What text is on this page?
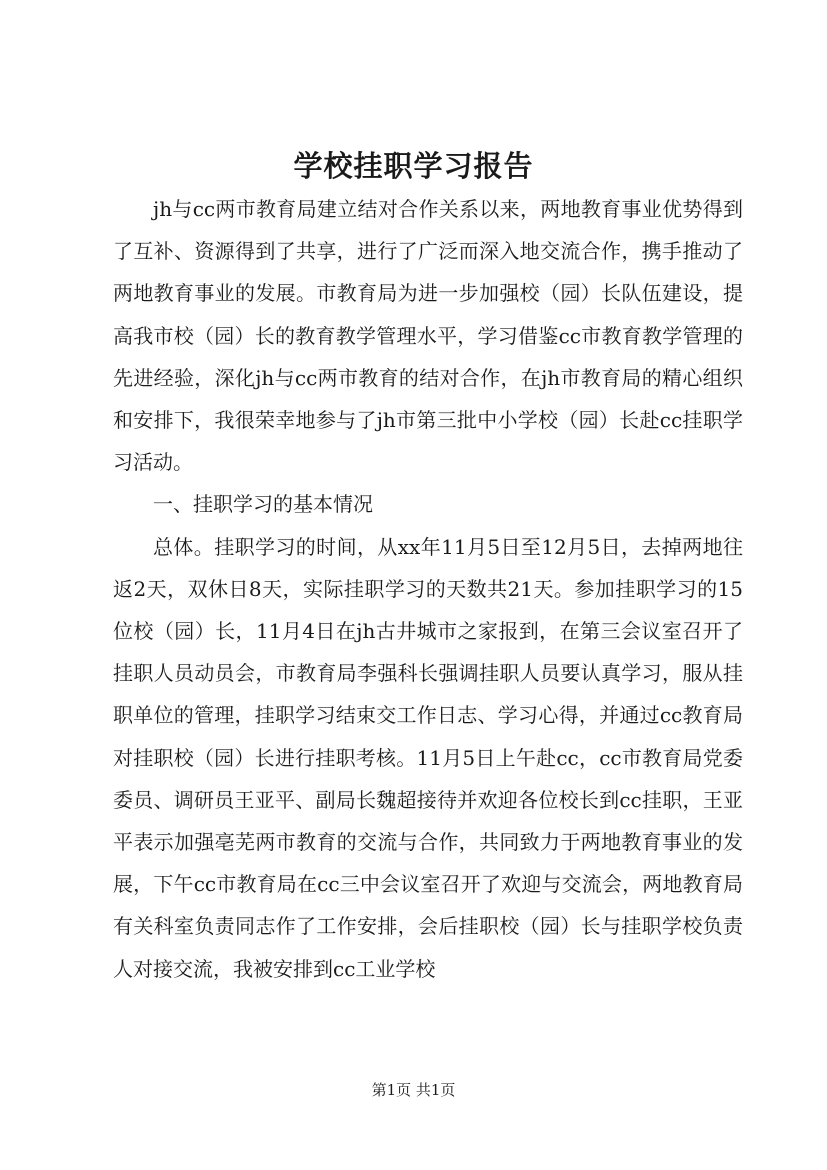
学校挂职学习报告

jh与cc两市教育局建立结对合作关系以来，两地教育事业优势得到了互补、资源得到了共享，进行了广泛而深入地交流合作，携手推动了两地教育事业的发展。市教育局为进一步加强校（园）长队伍建设，提高我市校（园）长的教育教学管理水平，学习借鉴cc市教育教学管理的先进经验，深化jh与cc两市教育的结对合作，在jh市教育局的精心组织和安排下，我很荣幸地参与了jh市第三批中小学校（园）长赴cc挂职学习活动。

一、挂职学习的基本情况

总体。挂职学习的时间，从xx年11月5日至12月5日，去掉两地往返2天，双休日8天，实际挂职学习的天数共21天。参加挂职学习的15位校（园）长，11月4日在jh古井城市之家报到，在第三会议室召开了挂职人员动员会，市教育局李强科长强调挂职人员要认真学习，服从挂职单位的管理，挂职学习结束交工作日志、学习心得，并通过cc教育局对挂职校（园）长进行挂职考核。11月5日上午赴cc，cc市教育局党委委员、调研员王亚平、副局长魏超接待并欢迎各位校长到cc挂职，王亚平表示加强亳芜两市教育的交流与合作，共同致力于两地教育事业的发展，下午cc市教育局在cc三中会议室召开了欢迎与交流会，两地教育局有关科室负责同志作了工作安排，会后挂职校（园）长与挂职学校负责人对接交流，我被安排到cc工业学校

第1页 共1页
